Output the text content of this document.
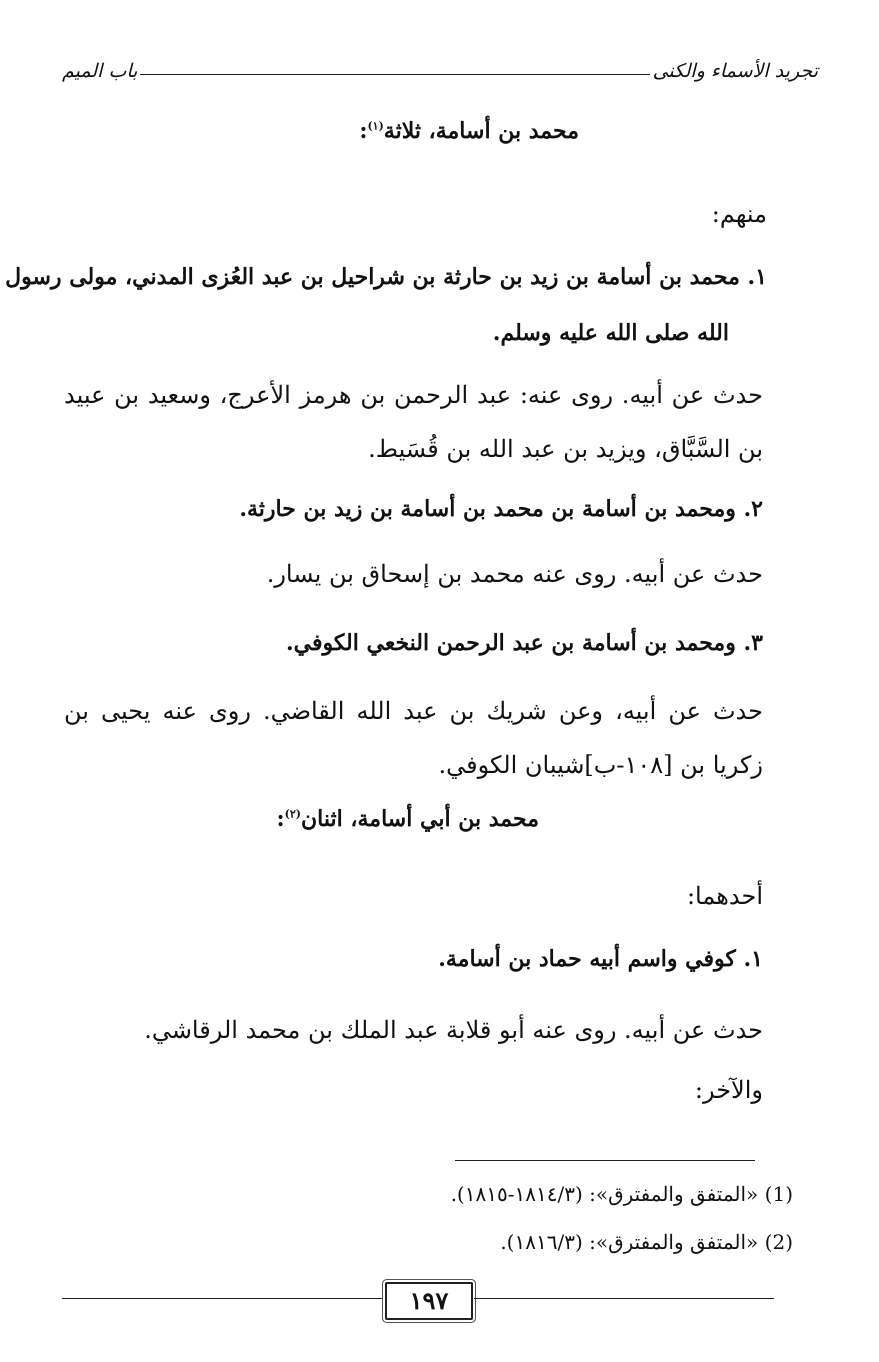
تجريد الأسماء والكنى
باب الميم
محمد بن أسامة، ثلاثة$^{(١)}$:
منهم:
١. محمد بن أسامة بن زيد بن حارثة بن شراحيل بن عبد العُزى المدني، مولى رسول
الله صلى الله عليه وسلم.
حدث عن أبيه. روى عنه: عبد الرحمن بن هرمز الأعرج، وسعيد بن عبيد بن السَّبَّاق، ويزيد بن عبد الله بن قُسَيط.
٢. ومحمد بن أسامة بن محمد بن أسامة بن زيد بن حارثة.
حدث عن أبيه. روى عنه محمد بن إسحاق بن يسار.
٣. ومحمد بن أسامة بن عبد الرحمن النخعي الكوفي.
حدث عن أبيه، وعن شريك بن عبد الله القاضي. روى عنه يحيى بن زكريا بن [١٠٨-ب]شيبان الكوفي.
محمد بن أبي أسامة، اثنان$^{(٢)}$:
أحدهما:
١. كوفي واسم أبيه حماد بن أسامة.
حدث عن أبيه. روى عنه أبو قلابة عبد الملك بن محمد الرقاشي.
والآخر:
(1) «المتفق والمفترق»: (١٨١٤/٣-١٨١٥).
(2) «المتفق والمفترق»: (١٨١٦/٣).
١٩٧
